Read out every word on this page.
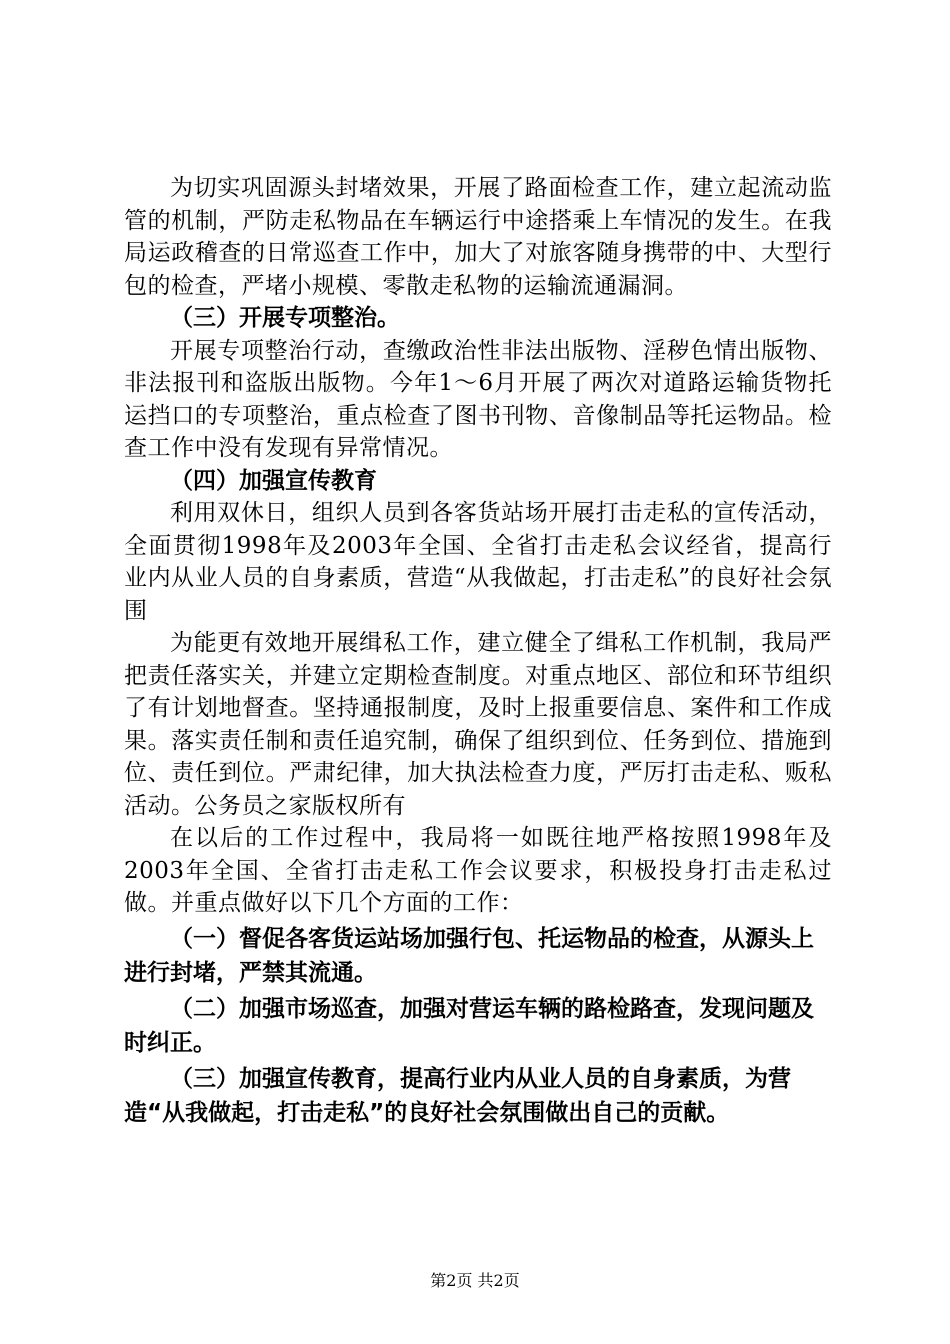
为切实巩固源头封堵效果，开展了路面检查工作，建立起流动监管的机制，严防走私物品在车辆运行中途搭乘上车情况的发生。在我局运政稽查的日常巡查工作中，加大了对旅客随身携带的中、大型行包的检查，严堵小规模、零散走私物的运输流通漏洞。

（三）开展专项整治。

开展专项整治行动，查缴政治性非法出版物、淫秽色情出版物、非法报刊和盗版出版物。今年1～6月开展了两次对道路运输货物托运挡口的专项整治，重点检查了图书刊物、音像制品等托运物品。检查工作中没有发现有异常情况。

（四）加强宣传教育

利用双休日，组织人员到各客货站场开展打击走私的宣传活动，全面贯彻1998年及2003年全国、全省打击走私会议经省，提高行业内从业人员的自身素质，营造“从我做起，打击走私”的良好社会氛围

为能更有效地开展缉私工作，建立健全了缉私工作机制，我局严把责任落实关，并建立定期检查制度。对重点地区、部位和环节组织了有计划地督查。坚持通报制度，及时上报重要信息、案件和工作成果。落实责任制和责任追究制，确保了组织到位、任务到位、措施到位、责任到位。严肃纪律，加大执法检查力度，严厉打击走私、贩私活动。公务员之家版权所有

在以后的工作过程中，我局将一如既往地严格按照1998年及2003年全国、全省打击走私工作会议要求，积极投身打击走私过做。并重点做好以下几个方面的工作：

（一）督促各客货运站场加强行包、托运物品的检查，从源头上进行封堵，严禁其流通。

（二）加强市场巡查，加强对营运车辆的路检路查，发现问题及时纠正。

（三）加强宣传教育，提高行业内从业人员的自身素质，为营造“从我做起，打击走私”的良好社会氛围做出自己的贡献。

第2页 共2页
